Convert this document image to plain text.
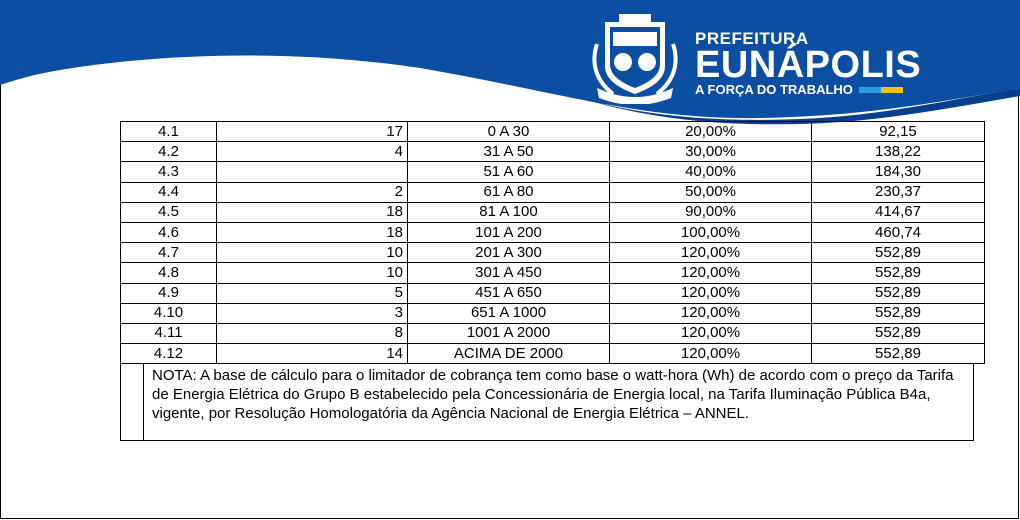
PREFEITURA
EUNÁPOLIS
A FORÇA DO TRABALHO
4.1	17	0 A 30	20,00%	92,15
4.2	4	31 A 50	30,00%	138,22
4.3		51 A 60	40,00%	184,30
4.4	2	61 A 80	50,00%	230,37
4.5	18	81 A 100	90,00%	414,67
4.6	18	101 A 200	100,00%	460,74
4.7	10	201 A 300	120,00%	552,89
4.8	10	301 A 450	120,00%	552,89
4.9	5	451 A 650	120,00%	552,89
4.10	3	651 A 1000	120,00%	552,89
4.11	8	1001 A 2000	120,00%	552,89
4.12	14	ACIMA DE 2000	120,00%	552,89
NOTA: A base de cálculo para o limitador de cobrança tem como base o watt-hora (Wh) de acordo com o preço da Tarifa de Energia Elétrica do Grupo B estabelecido pela Concessionária de Energia local, na Tarifa Iluminação Pública B4a, vigente, por Resolução Homologatória da Agência Nacional de Energia Elétrica – ANNEL.
